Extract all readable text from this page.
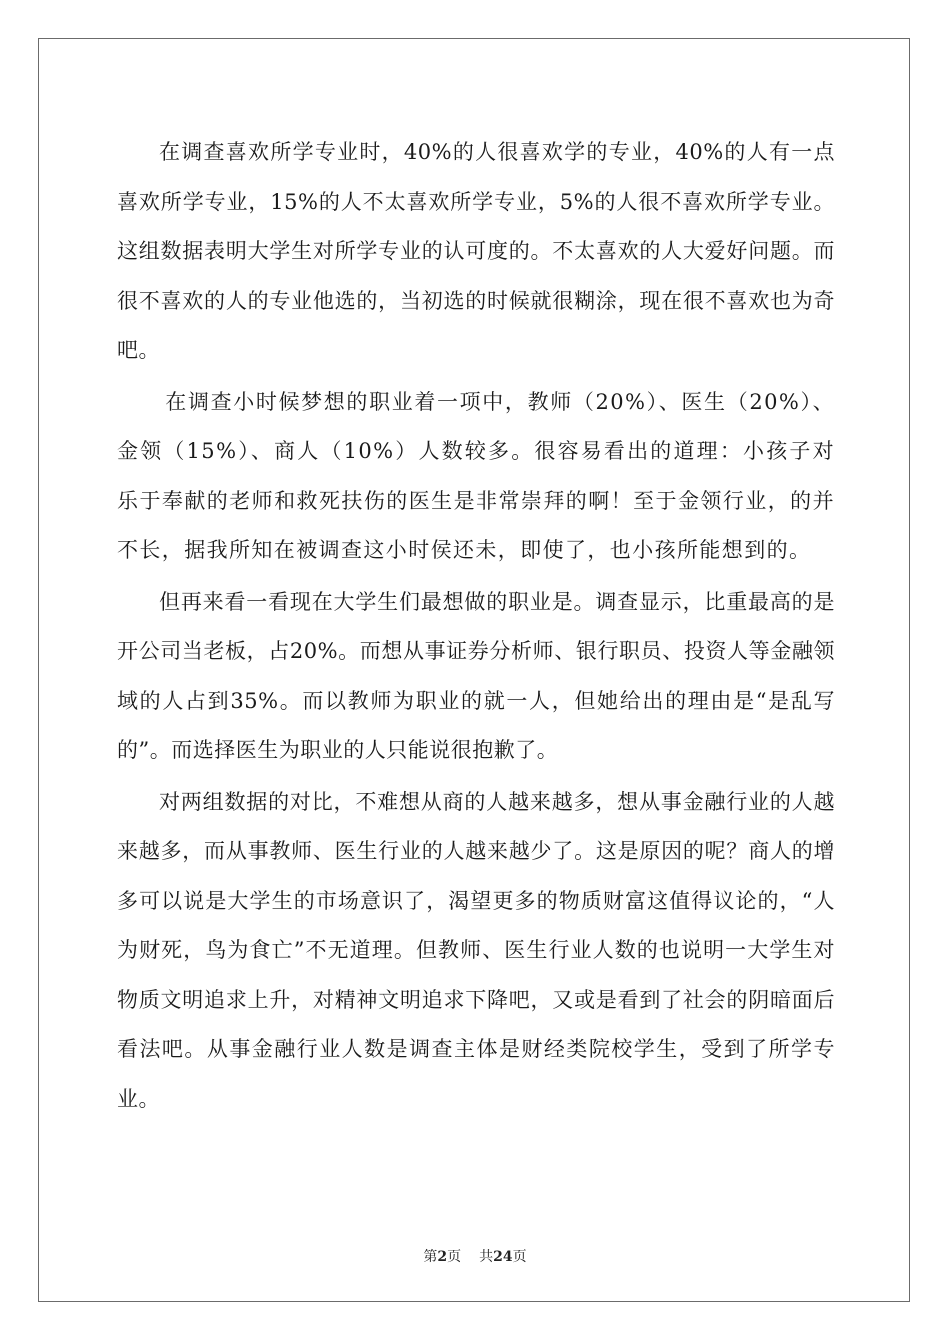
在调查喜欢所学专业时，40%的人很喜欢学的专业，40%的人有一点喜欢所学专业，15%的人不太喜欢所学专业，5%的人很不喜欢所学专业。这组数据表明大学生对所学专业的认可度的。不太喜欢的人大爱好问题。而很不喜欢的人的专业他选的，当初选的时候就很糊涂，现在很不喜欢也为奇吧。

在调查小时候梦想的职业着一项中，教师（20%）、医生（20%）、金领（15%）、商人（10%）人数较多。很容易看出的道理：小孩子对乐于奉献的老师和救死扶伤的医生是非常崇拜的啊！至于金领行业，的并不长，据我所知在被调查这小时侯还未，即使了，也小孩所能想到的。

但再来看一看现在大学生们最想做的职业是。调查显示，比重最高的是开公司当老板，占20%。而想从事证券分析师、银行职员、投资人等金融领域的人占到35%。而以教师为职业的就一人，但她给出的理由是“是乱写的”。而选择医生为职业的人只能说很抱歉了。

对两组数据的对比，不难想从商的人越来越多，想从事金融行业的人越来越多，而从事教师、医生行业的人越来越少了。这是原因的呢？商人的增多可以说是大学生的市场意识了，渴望更多的物质财富这值得议论的，“人为财死，鸟为食亡”不无道理。但教师、医生行业人数的也说明一大学生对物质文明追求上升，对精神文明追求下降吧，又或是看到了社会的阴暗面后看法吧。从事金融行业人数是调查主体是财经类院校学生，受到了所学专业。

第2页 共24页
